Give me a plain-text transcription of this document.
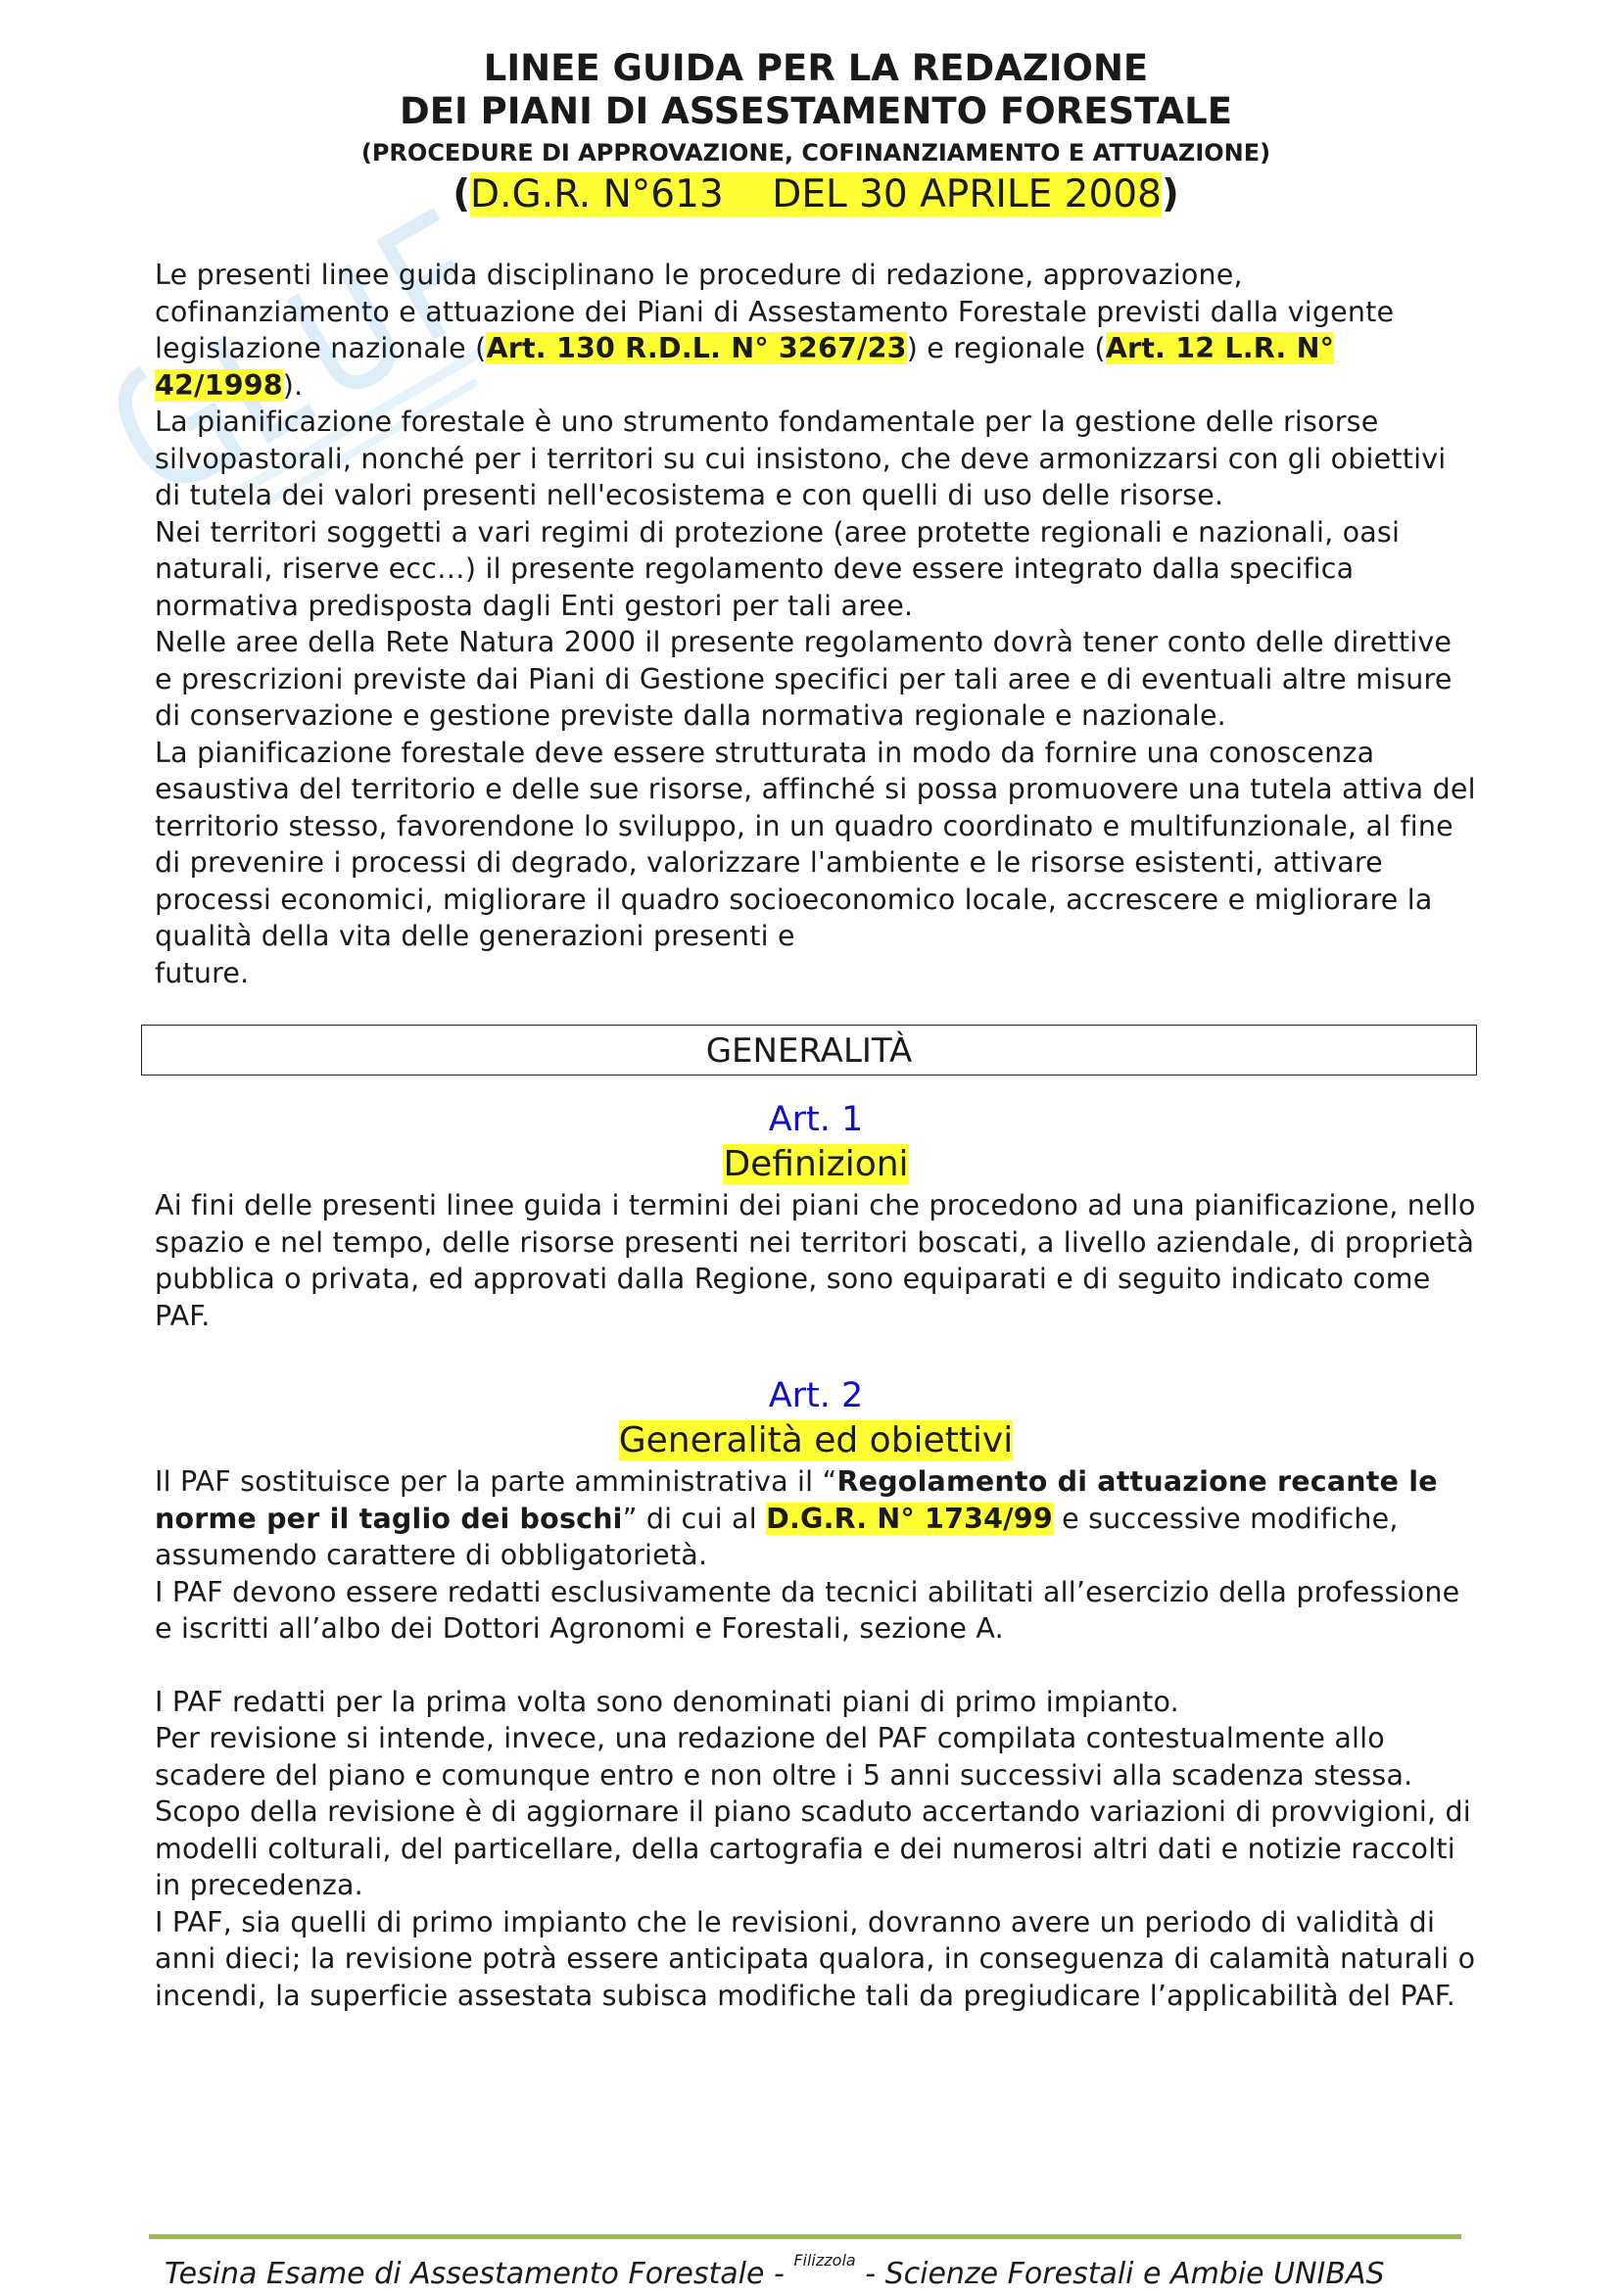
LINEE GUIDA PER LA REDAZIONE
DEI PIANI DI ASSESTAMENTO FORESTALE
(PROCEDURE DI APPROVAZIONE, COFINANZIAMENTO E ATTUAZIONE)
(D.G.R. N°613    DEL 30 APRILE 2008)

Le presenti linee guida disciplinano le procedure di redazione, approvazione, cofinanziamento e attuazione dei Piani di Assestamento Forestale previsti dalla vigente legislazione nazionale (Art. 130 R.D.L. N° 3267/23) e regionale (Art. 12 L.R. N° 42/1998).

La pianificazione forestale è uno strumento fondamentale per la gestione delle risorse silvopastorali, nonché per i territori su cui insistono, che deve armonizzarsi con gli obiettivi di tutela dei valori presenti nell'ecosistema e con quelli di uso delle risorse.

Nei territori soggetti a vari regimi di protezione (aree protette regionali e nazionali, oasi naturali, riserve ecc…) il presente regolamento deve essere integrato dalla specifica normativa predisposta dagli Enti gestori per tali aree.

Nelle aree della Rete Natura 2000 il presente regolamento dovrà tener conto delle direttive e prescrizioni previste dai Piani di Gestione specifici per tali aree e di eventuali altre misure di conservazione e gestione previste dalla normativa regionale e nazionale.

La pianificazione forestale deve essere strutturata in modo da fornire una conoscenza esaustiva del territorio e delle sue risorse, affinché si possa promuovere una tutela attiva del territorio stesso, favorendone lo sviluppo, in un quadro coordinato e multifunzionale, al fine di prevenire i processi di degrado, valorizzare l'ambiente e le risorse esistenti, attivare processi economici, migliorare il quadro socioeconomico locale, accrescere e migliorare la qualità della vita delle generazioni presenti e

future.

GENERALITÀ
Art. 1
Definizioni

Ai fini delle presenti linee guida i termini dei piani che procedono ad una pianificazione, nello spazio e nel tempo, delle risorse presenti nei territori boscati, a livello aziendale, di proprietà pubblica o privata, ed approvati dalla Regione, sono equiparati e di seguito indicato come PAF.

Art. 2
Generalità ed obiettivi

Il PAF sostituisce per la parte amministrativa il “Regolamento di attuazione recante le norme per il taglio dei boschi” di cui al D.G.R. N° 1734/99 e successive modifiche, assumendo carattere di obbligatorietà.

I PAF devono essere redatti esclusivamente da tecnici abilitati all’esercizio della professione e iscritti all’albo dei Dottori Agronomi e Forestali, sezione A.

I PAF redatti per la prima volta sono denominati piani di primo impianto.

Per revisione si intende, invece, una redazione del PAF compilata contestualmente allo scadere del piano e comunque entro e non oltre i 5 anni successivi alla scadenza stessa. Scopo della revisione è di aggiornare il piano scaduto accertando variazioni di provvigioni, di modelli colturali, del particellare, della cartografia e dei numerosi altri dati e notizie raccolti in precedenza.

I PAF, sia quelli di primo impianto che le revisioni, dovranno avere un periodo di validità di anni dieci; la revisione potrà essere anticipata qualora, in conseguenza di calamità naturali o incendi, la superficie assestata subisca modifiche tali da pregiudicare l’applicabilità del PAF.

Tesina Esame di Assestamento Forestale - $^{Filizzola}$ - Scienze Forestali e Ambie UNIBAS
